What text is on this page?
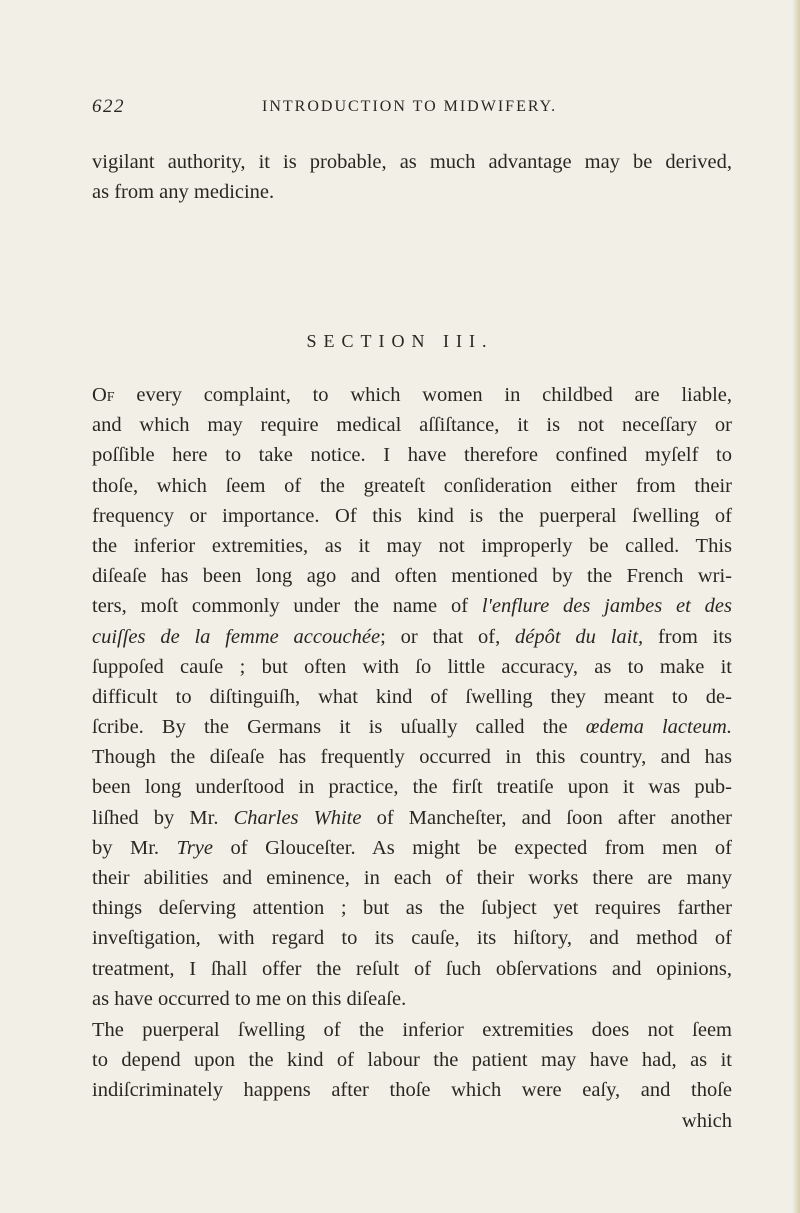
622	INTRODUCTION TO MIDWIFERY.
vigilant authority, it is probable, as much advantage may be derived,
as from any medicine.
SECTION III.
Of every complaint, to which women in childbed are liable,
and which may require medical aſſiſtance, it is not neceſſary or
poſſible here to take notice. I have therefore confined myſelf to
thoſe, which ſeem of the greateſt conſideration either from their
frequency or importance. Of this kind is the puerperal ſwelling of
the inferior extremities, as it may not improperly be called. This
diſeaſe has been long ago and often mentioned by the French wri-
ters, moſt commonly under the name of l'enflure des jambes et des
cuiſſes de la femme accouchée; or that of, dépôt du lait, from its
ſuppoſed cauſe ; but often with ſo little accuracy, as to make it
difficult to diſtinguiſh, what kind of ſwelling they meant to de-
ſcribe. By the Germans it is uſually called the œdema lacteum.
Though the diſeaſe has frequently occurred in this country, and has
been long underſtood in practice, the firſt treatiſe upon it was pub-
liſhed by Mr. Charles White of Mancheſter, and ſoon after another
by Mr. Trye of Glouceſter. As might be expected from men of
their abilities and eminence, in each of their works there are many
things deſerving attention ; but as the ſubject yet requires farther
inveſtigation, with regard to its cauſe, its hiſtory, and method of
treatment, I ſhall offer the reſult of ſuch obſervations and opinions,
as have occurred to me on this diſeaſe.
The puerperal ſwelling of the inferior extremities does not ſeem
to depend upon the kind of labour the patient may have had, as it
indiſcriminately happens after thoſe which were eaſy, and thoſe
which
